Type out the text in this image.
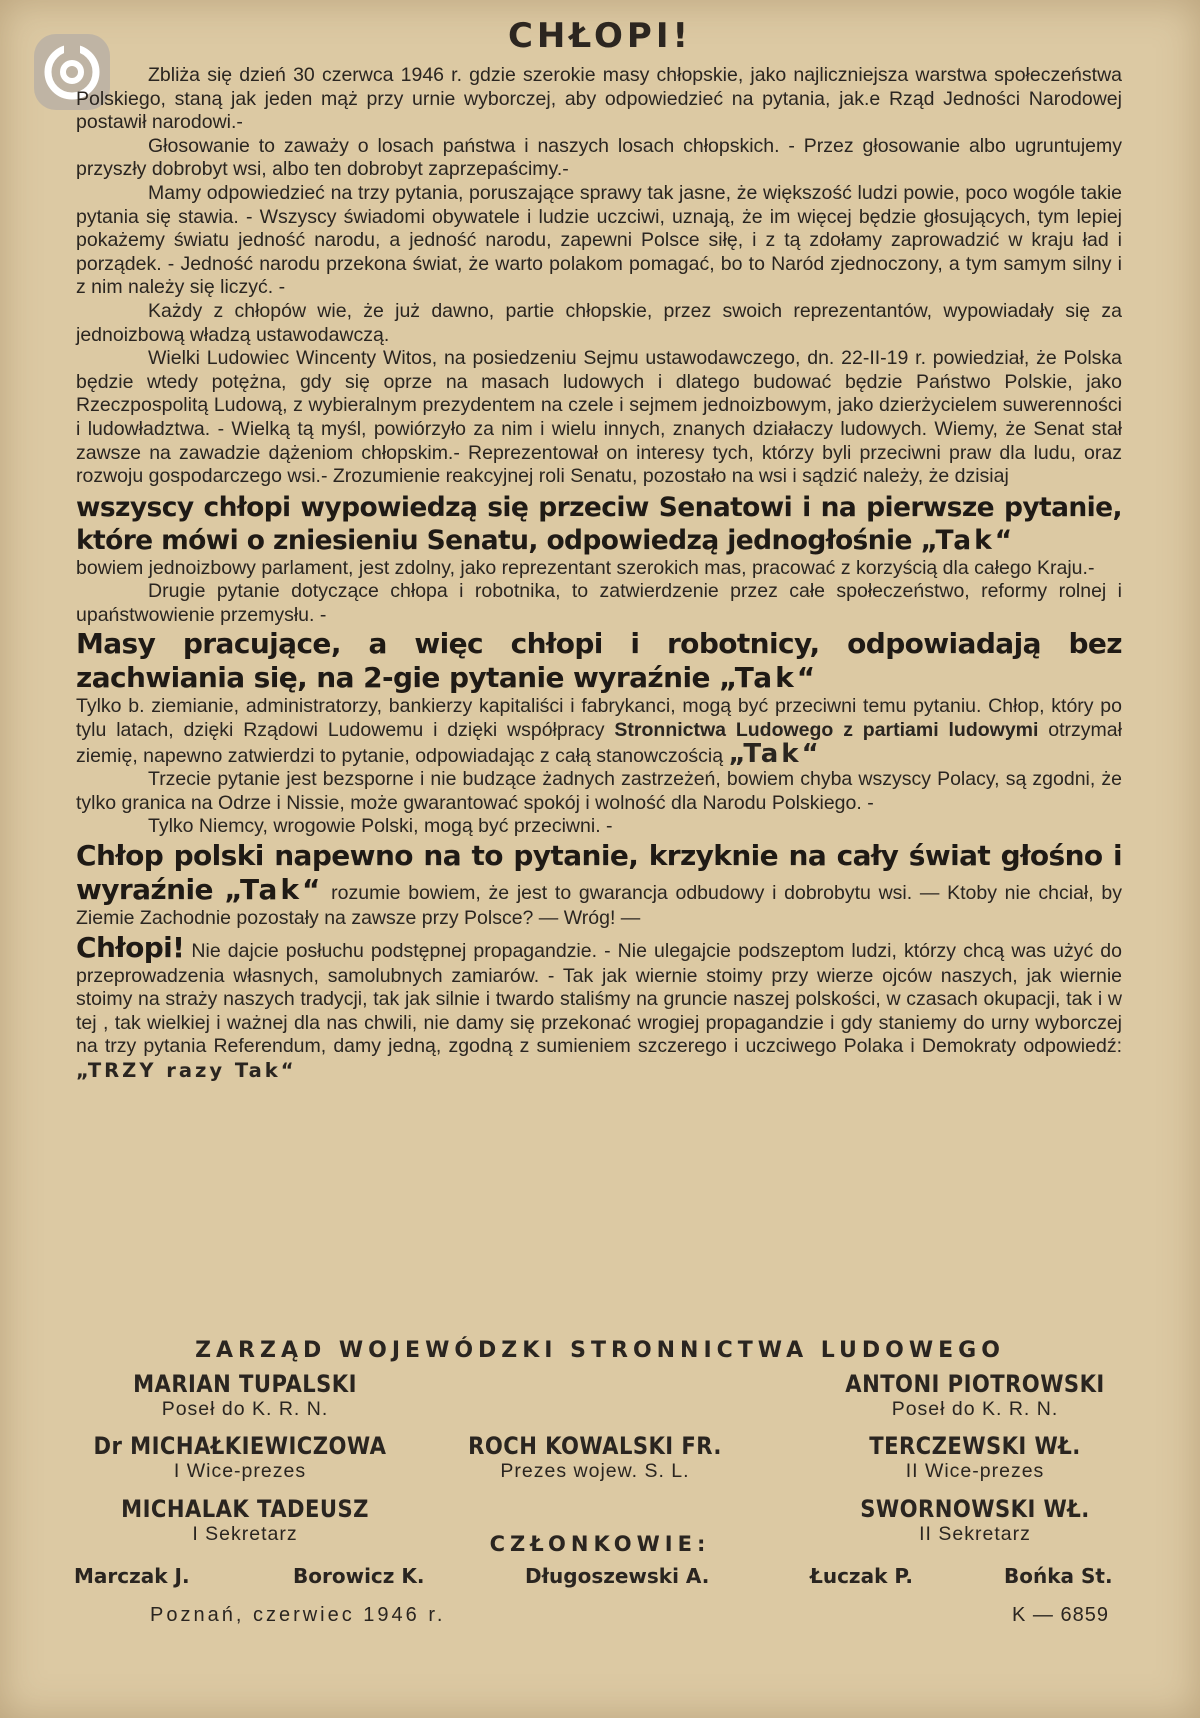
CHŁOPI!
Zbliża się dzień 30 czerwca 1946 r. gdzie szerokie masy chłopskie, jako najliczniejsza warstwa społeczeństwa Polskiego, staną jak jeden mąż przy urnie wyborczej, aby odpowiedzieć na pytania, jak.e Rząd Jedności Narodowej postawił narodowi.-
Głosowanie to zaważy o losach państwa i naszych losach chłopskich. - Przez głosowanie albo ugruntujemy przyszły dobrobyt wsi, albo ten dobrobyt zaprzepaścimy.-
Mamy odpowiedzieć na trzy pytania, poruszające sprawy tak jasne, że większość ludzi powie, poco wogóle takie pytania się stawia. - Wszyscy świadomi obywatele i ludzie uczciwi, uznają, że im więcej będzie głosujących, tym lepiej pokażemy światu jedność narodu, a jedność narodu, zapewni Polsce siłę, i z tą zdołamy zaprowadzić w kraju ład i porządek. - Jedność narodu przekona świat, że warto polakom pomagać, bo to Naród zjednoczony, a tym samym silny i z nim należy się liczyć. -
Każdy z chłopów wie, że już dawno, partie chłopskie, przez swoich reprezentantów, wypowiadały się za jednoizbową władzą ustawodawczą.
Wielki Ludowiec Wincenty Witos, na posiedzeniu Sejmu ustawodawczego, dn. 22-II-19 r. powiedział, że Polska będzie wtedy potężna, gdy się oprze na masach ludowych i dlatego budować będzie Państwo Polskie, jako Rzeczpospolitą Ludową, z wybieralnym prezydentem na czele i sejmem jednoizbowym, jako dzierżycielem suwerenności i ludowładztwa. - Wielką tą myśl, powiórzyło za nim i wielu innych, znanych działaczy ludowych. Wiemy, że Senat stał zawsze na zawadzie dążeniom chłopskim.- Reprezentował on interesy tych, którzy byli przeciwni praw dla ludu, oraz rozwoju gospodarczego wsi.- Zrozumienie reakcyjnej roli Senatu, pozostało na wsi i sądzić należy, że dzisiaj
wszyscy chłopi wypowiedzą się przeciw Senatowi i na pierwsze pytanie, które mówi o zniesieniu Senatu, odpowiedzą jednogłośnie „Tak“
bowiem jednoizbowy parlament, jest zdolny, jako reprezentant szerokich mas, pracować z korzyścią dla całego Kraju.-
Drugie pytanie dotyczące chłopa i robotnika, to zatwierdzenie przez całe społeczeństwo, reformy rolnej i upaństwowienie przemysłu. -
Masy pracujące, a więc chłopi i robotnicy, odpowiadają bez zachwiania się, na 2-gie pytanie wyraźnie „Tak“
Tylko b. ziemianie, administratorzy, bankierzy kapitaliści i fabrykanci, mogą być przeciwni temu pytaniu. Chłop, który po tylu latach, dzięki Rządowi Ludowemu i dzięki współpracy Stronnictwa Ludowego z partiami ludowymi otrzymał ziemię, napewno zatwierdzi to pytanie, odpowiadając z całą stanowczością „Tak“
Trzecie pytanie jest bezsporne i nie budzące żadnych zastrzeżeń, bowiem chyba wszyscy Polacy, są zgodni, że tylko granica na Odrze i Nissie, może gwarantować spokój i wolność dla Narodu Polskiego. -
Tylko Niemcy, wrogowie Polski, mogą być przeciwni. -
Chłop polski napewno na to pytanie, krzyknie na cały świat głośno i wyraźnie „Tak“ rozumie bowiem, że jest to gwarancja odbudowy i dobrobytu wsi. — Ktoby nie chciał, by Ziemie Zachodnie pozostały na zawsze przy Polsce? — Wróg! —
Chłopi! Nie dajcie posłuchu podstępnej propagandzie. - Nie ulegajcie podszeptom ludzi, którzy chcą was użyć do przeprowadzenia własnych, samolubnych zamiarów. - Tak jak wiernie stoimy przy wierze ojców naszych, jak wiernie stoimy na straży naszych tradycji, tak jak silnie i twardo staliśmy na gruncie naszej polskości, w czasach okupacji, tak i w tej , tak wielkiej i ważnej dla nas chwili, nie damy się przekonać wrogiej propagandzie i gdy staniemy do urny wyborczej na trzy pytania Referendum, damy jedną, zgodną z sumieniem szczerego i uczciwego Polaka i Demokraty odpowiedź: „TRZY razy Tak“
ZARZĄD WOJEWÓDZKI STRONNICTWA LUDOWEGO
MARIAN TUPALSKI
Poseł do K. R. N.
ANTONI PIOTROWSKI
Poseł do K. R. N.
Dr MICHAŁKIEWICZOWA
I Wice-prezes
ROCH KOWALSKI FR.
Prezes wojew. S. L.
TERCZEWSKI WŁ.
II Wice-prezes
MICHALAK TADEUSZ
I Sekretarz
SWORNOWSKI WŁ.
II Sekretarz
CZŁONKOWIE:
Marczak J.	Borowicz K.	Długoszewski A.	Łuczak P.	Bońka St.
Poznań, czerwiec 1946 r.	K — 6859
